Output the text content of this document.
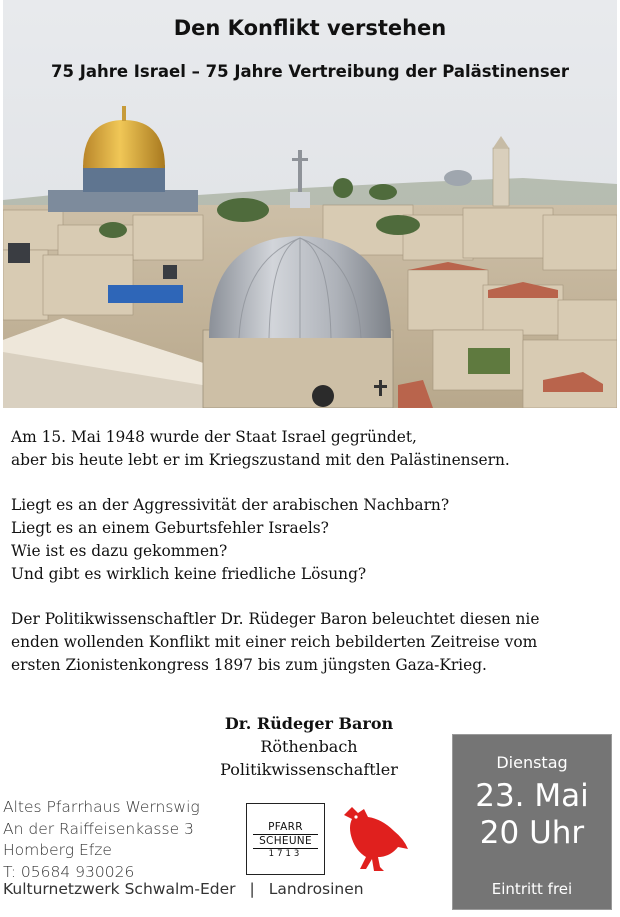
Den Konflikt verstehen
75 Jahre Israel – 75 Jahre Vertreibung der Palästinenser

Am 15. Mai 1948 wurde der Staat Israel gegründet,
aber bis heute lebt er im Kriegszustand mit den Palästinensern.

Liegt es an der Aggressivität der arabischen Nachbarn?
Liegt es an einem Geburtsfehler Israels?
Wie ist es dazu gekommen?
Und gibt es wirklich keine friedliche Lösung?

Der Politikwissenschaftler Dr. Rüdeger Baron beleuchtet diesen nie
enden wollenden Konflikt mit einer reich bebilderten Zeitreise vom
ersten Zionistenkongress 1897 bis zum jüngsten Gaza-Krieg.

Dr. Rüdeger Baron
Röthenbach
Politikwissenschaftler
Altes Pfarrhaus Wernswig
An der Raiffeisenkasse 3
Homberg Efze
T: 05684 930026
Kulturnetzwerk Schwalm-Eder | Landrosinen
PFARR
SCHEUNE
1713
Dienstag
23. Mai
20 Uhr
Eintritt frei
